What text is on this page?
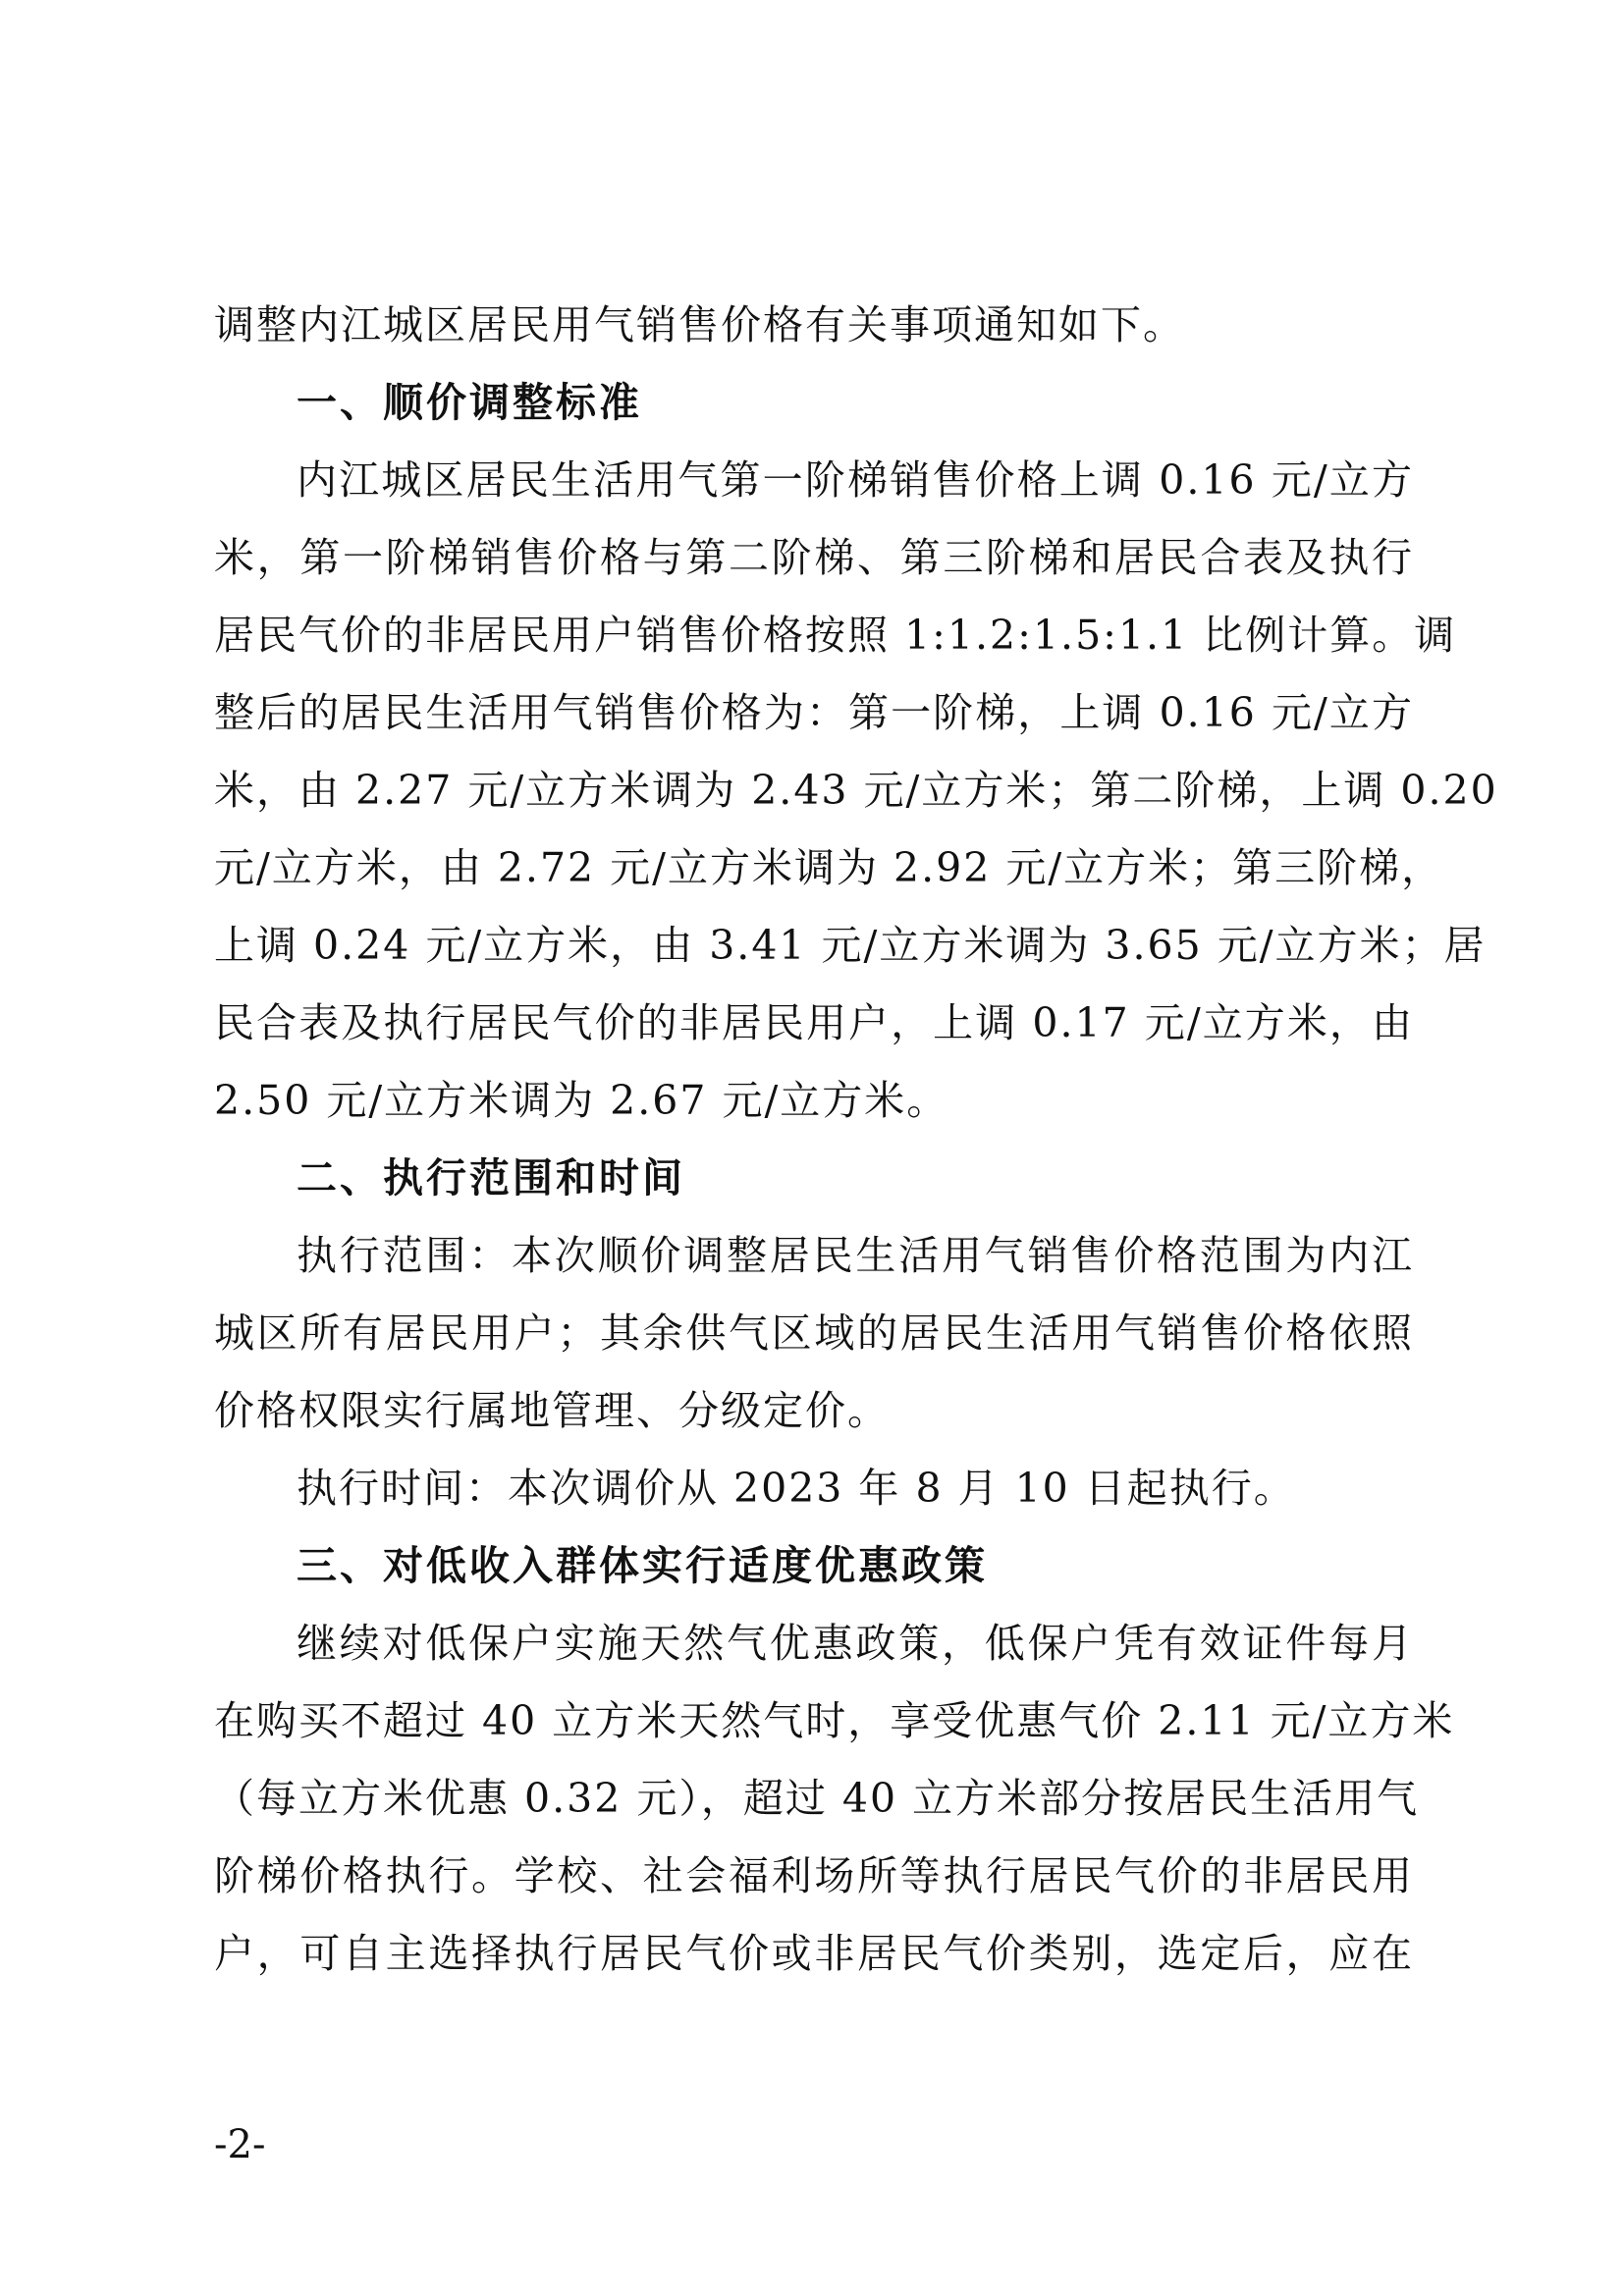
调整内江城区居民用气销售价格有关事项通知如下。
一、顺价调整标准
内江城区居民生活用气第一阶梯销售价格上调 0.16 元/立方
米，第一阶梯销售价格与第二阶梯、第三阶梯和居民合表及执行
居民气价的非居民用户销售价格按照 1:1.2:1.5:1.1 比例计算。调
整后的居民生活用气销售价格为：第一阶梯，上调 0.16 元/立方
米，由 2.27 元/立方米调为 2.43 元/立方米；第二阶梯，上调 0.20
元/立方米，由 2.72 元/立方米调为 2.92 元/立方米；第三阶梯，
上调 0.24 元/立方米，由 3.41 元/立方米调为 3.65 元/立方米；居
民合表及执行居民气价的非居民用户，上调 0.17 元/立方米，由
2.50 元/立方米调为 2.67 元/立方米。
二、执行范围和时间
执行范围：本次顺价调整居民生活用气销售价格范围为内江
城区所有居民用户；其余供气区域的居民生活用气销售价格依照
价格权限实行属地管理、分级定价。
执行时间：本次调价从 2023 年 8 月 10 日起执行。
三、对低收入群体实行适度优惠政策
继续对低保户实施天然气优惠政策，低保户凭有效证件每月
在购买不超过 40 立方米天然气时，享受优惠气价 2.11 元/立方米
（每立方米优惠 0.32 元），超过 40 立方米部分按居民生活用气
阶梯价格执行。学校、社会福利场所等执行居民气价的非居民用
户，可自主选择执行居民气价或非居民气价类别，选定后，应在
-2-
